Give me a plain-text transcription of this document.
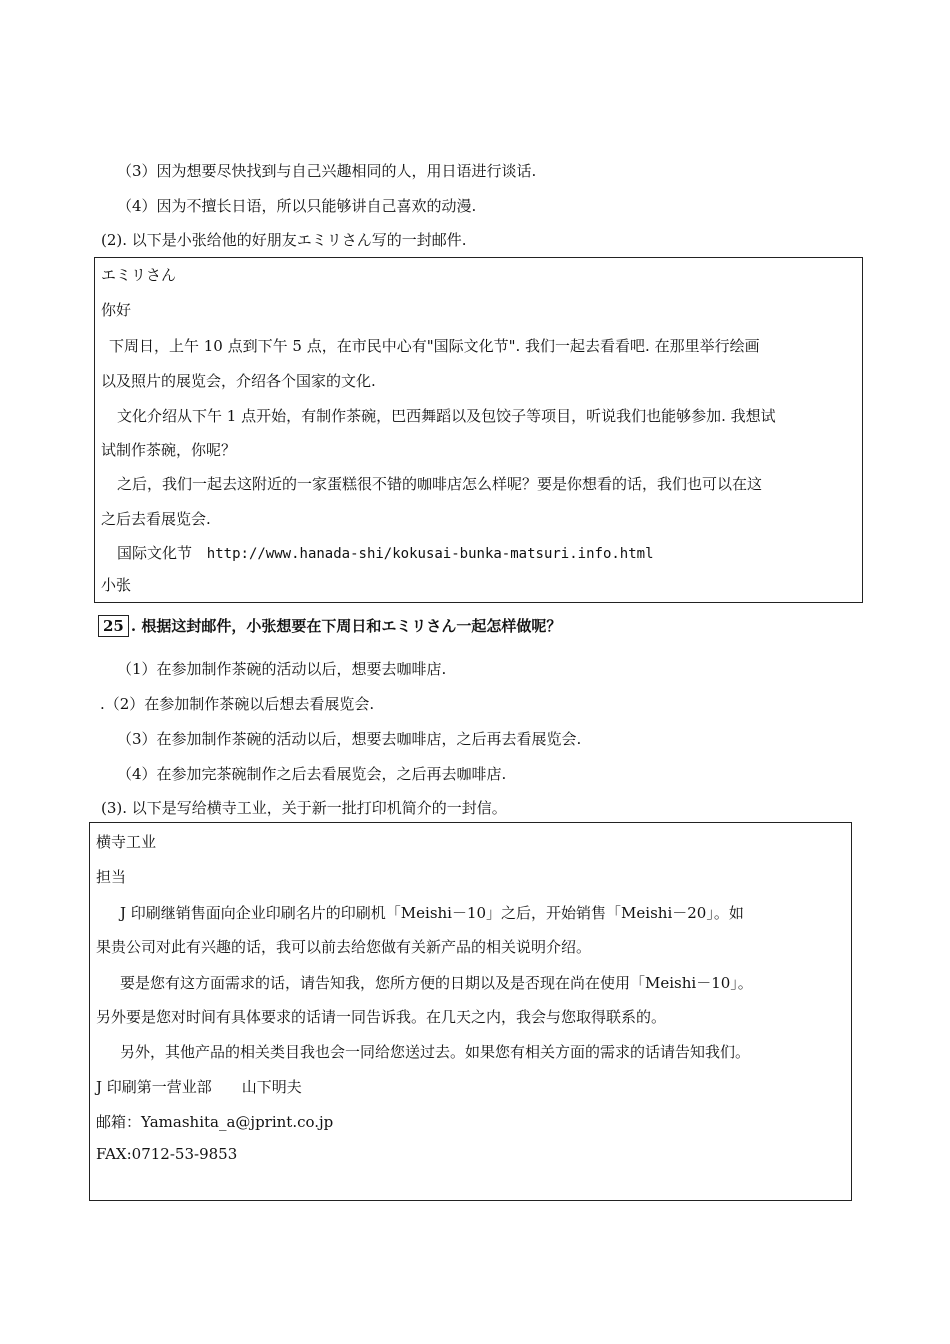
（3）因为想要尽快找到与自己兴趣相同的人，用日语进行谈话.
（4）因为不擅长日语，所以只能够讲自己喜欢的动漫.
(2). 以下是小张给他的好朋友エミリさん写的一封邮件.
エミリさん
你好
下周日，上午 10 点到下午 5 点，在市民中心有"国际文化节". 我们一起去看看吧. 在那里举行绘画
以及照片的展览会，介绍各个国家的文化.
文化介绍从下午 1 点开始，有制作茶碗，巴西舞蹈以及包饺子等项目，听说我们也能够参加. 我想试
试制作茶碗，你呢？
之后，我们一起去这附近的一家蛋糕很不错的咖啡店怎么样呢？要是你想看的话，我们也可以在这
之后去看展览会.
国际文化节 http://www.hanada-shi/kokusai-bunka-matsuri.info.html
小张
25 . 根据这封邮件，小张想要在下周日和エミリさん一起怎样做呢？
（1）在参加制作茶碗的活动以后，想要去咖啡店.
.（2）在参加制作茶碗以后想去看展览会.
（3）在参加制作茶碗的活动以后，想要去咖啡店，之后再去看展览会.
（4）在参加完茶碗制作之后去看展览会，之后再去咖啡店.
(3). 以下是写给横寺工业，关于新一批打印机简介的一封信。
横寺工业
担当
J 印刷继销售面向企业印刷名片的印刷机「Meishi－10」之后，开始销售「Meishi－20」。如
果贵公司对此有兴趣的话，我可以前去给您做有关新产品的相关说明介绍。
要是您有这方面需求的话，请告知我，您所方便的日期以及是否现在尚在使用「Meishi－10」。
另外要是您对时间有具体要求的话请一同告诉我。在几天之内，我会与您取得联系的。
另外，其他产品的相关类目我也会一同给您送过去。如果您有相关方面的需求的话请告知我们。
J 印刷第一营业部　　山下明夫
邮箱：Yamashita_a@jprint.co.jp
FAX:0712-53-9853
